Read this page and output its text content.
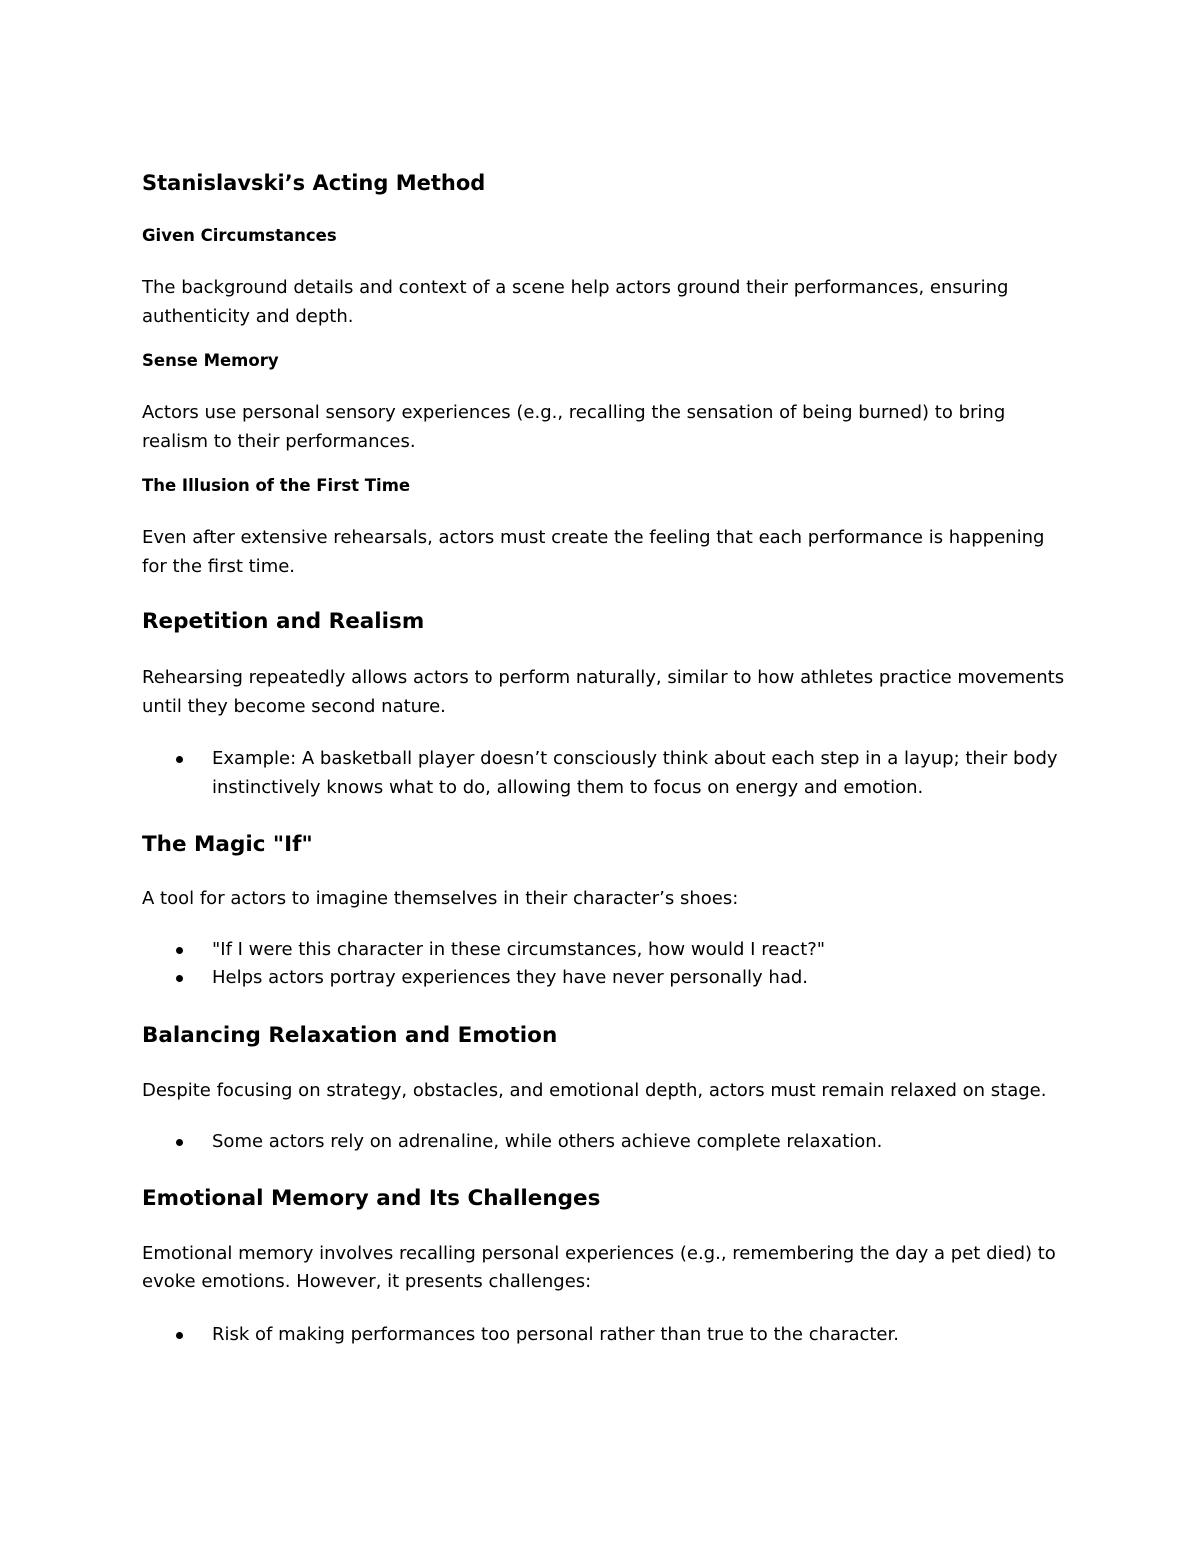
Stanislavski’s Acting Method
Given Circumstances

The background details and context of a scene help actors ground their performances, ensuring authenticity and depth.

Sense Memory

Actors use personal sensory experiences (e.g., recalling the sensation of being burned) to bring realism to their performances.

The Illusion of the First Time

Even after extensive rehearsals, actors must create the feeling that each performance is happening for the first time.

Repetition and Realism

Rehearsing repeatedly allows actors to perform naturally, similar to how athletes practice movements until they become second nature.

Example: A basketball player doesn’t consciously think about each step in a layup; their body instinctively knows what to do, allowing them to focus on energy and emotion.
The Magic "If"

A tool for actors to imagine themselves in their character’s shoes:

"If I were this character in these circumstances, how would I react?"
Helps actors portray experiences they have never personally had.
Balancing Relaxation and Emotion

Despite focusing on strategy, obstacles, and emotional depth, actors must remain relaxed on stage.

Some actors rely on adrenaline, while others achieve complete relaxation.
Emotional Memory and Its Challenges

Emotional memory involves recalling personal experiences (e.g., remembering the day a pet died) to evoke emotions. However, it presents challenges:

Risk of making performances too personal rather than true to the character.
